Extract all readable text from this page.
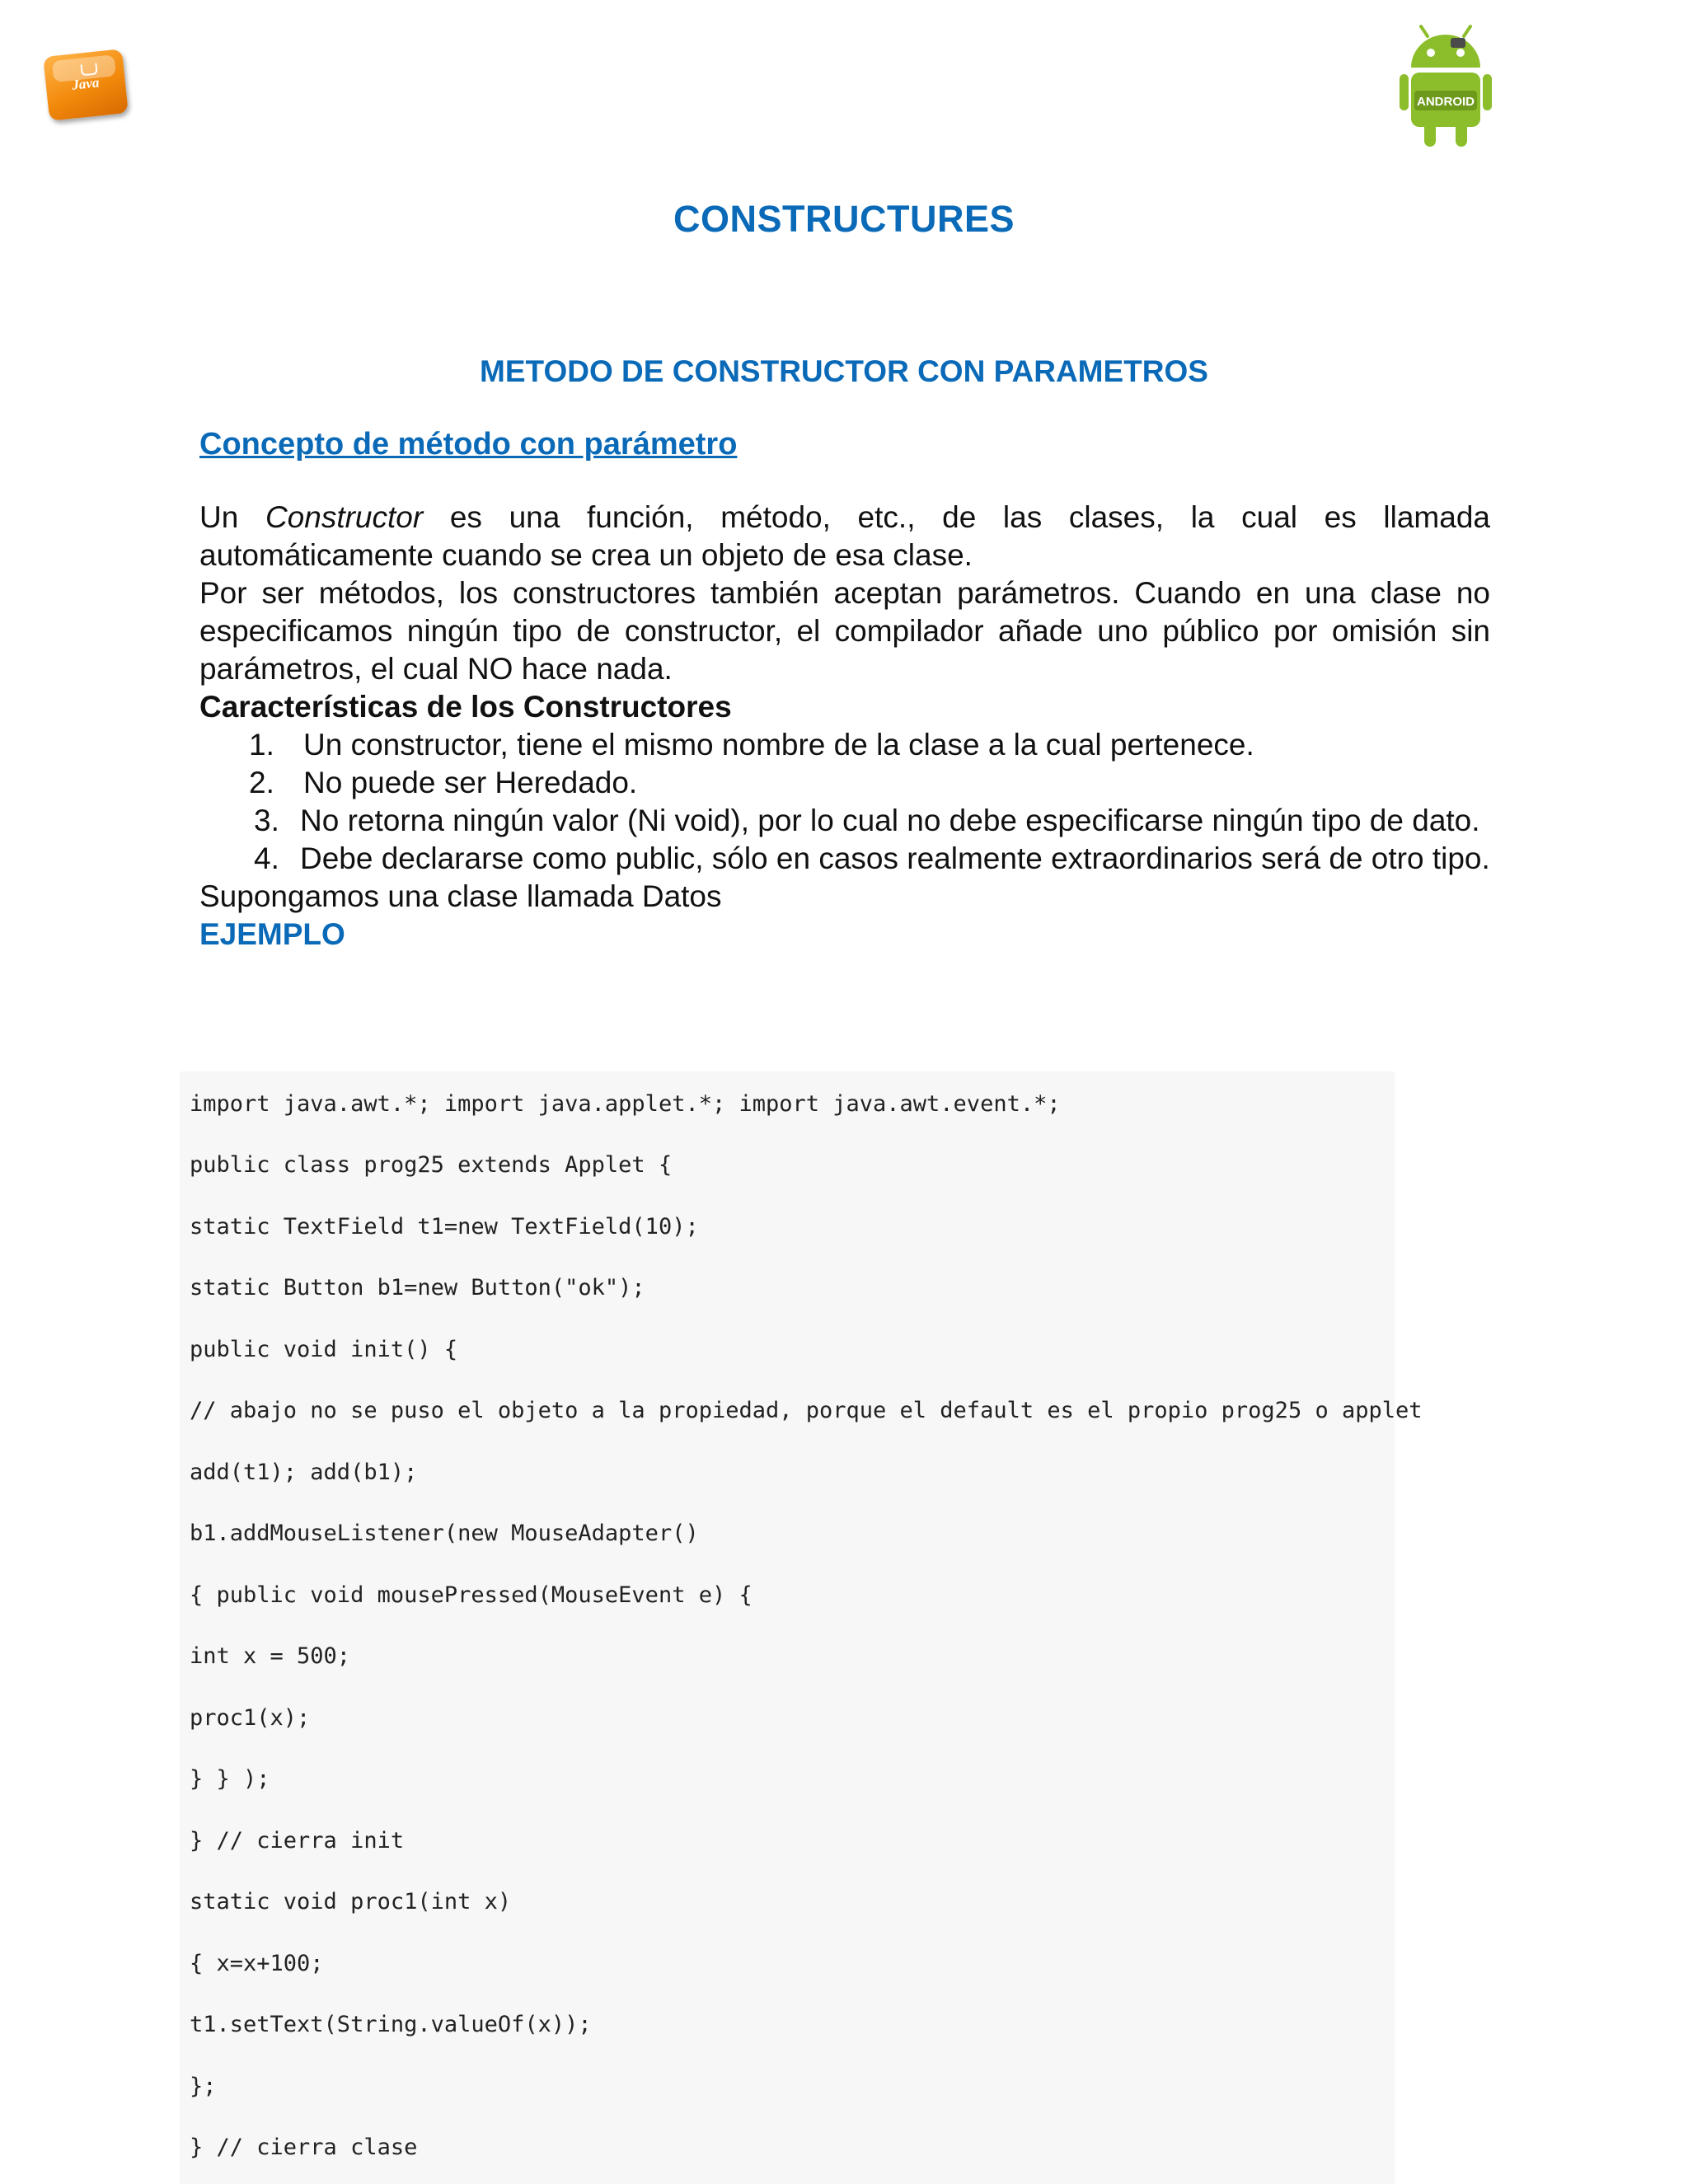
Java
ANDROID
CONSTRUCTURES
METODO DE CONSTRUCTOR CON PARAMETROS
Concepto de método con parámetro

Un Constructor es una función, método, etc., de las clases, la cual es llamada automáticamente cuando se crea un objeto de esa clase.

Por ser métodos, los constructores también aceptan parámetros. Cuando en una clase no especificamos ningún tipo de constructor, el compilador añade uno público por omisión sin parámetros, el cual NO hace nada.

Características de los Constructores

1. Un constructor, tiene el mismo nombre de la clase a la cual pertenece.
2. No puede ser Heredado.
3. No retorna ningún valor (Ni void), por lo cual no debe especificarse ningún tipo de dato.
4. Debe declararse como public, sólo en casos realmente extraordinarios será de otro tipo.

Supongamos una clase llamada Datos

EJEMPLO

import java.awt.*; import java.applet.*; import java.awt.event.*;
public class prog25 extends Applet {
static TextField t1=new TextField(10);
static Button b1=new Button("ok");
public void init() {
// abajo no se puso el objeto a la propiedad, porque el default es el propio prog25 o applet
add(t1); add(b1);
b1.addMouseListener(new MouseAdapter()
{ public void mousePressed(MouseEvent e) {
int x = 500;
proc1(x);
} } );
} // cierra init
static void proc1(int x)
{ x=x+100;
t1.setText(String.valueOf(x));
};
} // cierra clase
